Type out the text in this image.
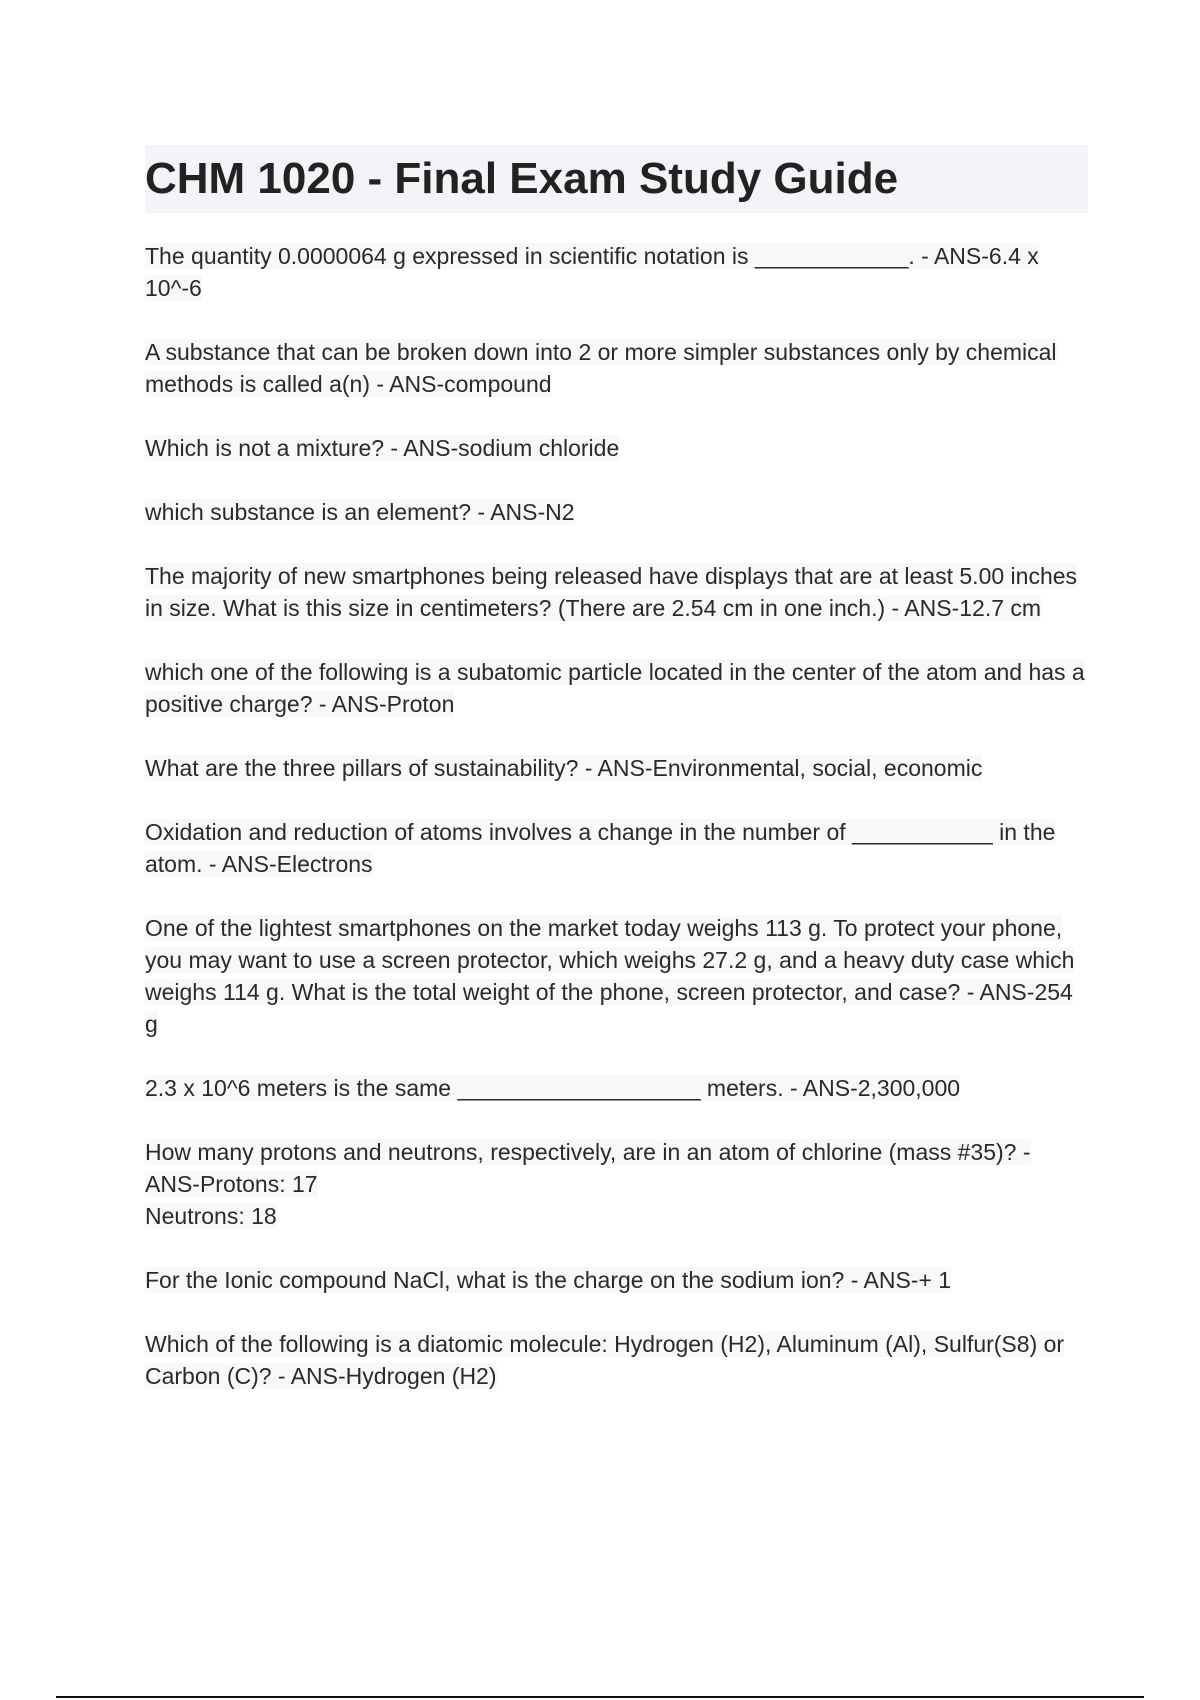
CHM 1020 - Final Exam Study Guide

The quantity 0.0000064 g expressed in scientific notation is ____________. - ANS-6.4 x 10^-6

A substance that can be broken down into 2 or more simpler substances only by chemical methods is called a(n) - ANS-compound

Which is not a mixture? - ANS-sodium chloride

which substance is an element? - ANS-N2

The majority of new smartphones being released have displays that are at least 5.00 inches in size. What is this size in centimeters? (There are 2.54 cm in one inch.) - ANS-12.7 cm

which one of the following is a subatomic particle located in the center of the atom and has a positive charge? - ANS-Proton

What are the three pillars of sustainability? - ANS-Environmental, social, economic

Oxidation and reduction of atoms involves a change in the number of ___________ in the atom. - ANS-Electrons

One of the lightest smartphones on the market today weighs 113 g. To protect your phone, you may want to use a screen protector, which weighs 27.2 g, and a heavy duty case which weighs 114 g. What is the total weight of the phone, screen protector, and case? - ANS-254 g

2.3 x 10^6 meters is the same ___________________ meters. - ANS-2,300,000

How many protons and neutrons, respectively, are in an atom of chlorine (mass #35)? - ANS-Protons: 17
Neutrons: 18

For the Ionic compound NaCl, what is the charge on the sodium ion? - ANS-+ 1

Which of the following is a diatomic molecule: Hydrogen (H2), Aluminum (Al), Sulfur(S8) or Carbon (C)? - ANS-Hydrogen (H2)
